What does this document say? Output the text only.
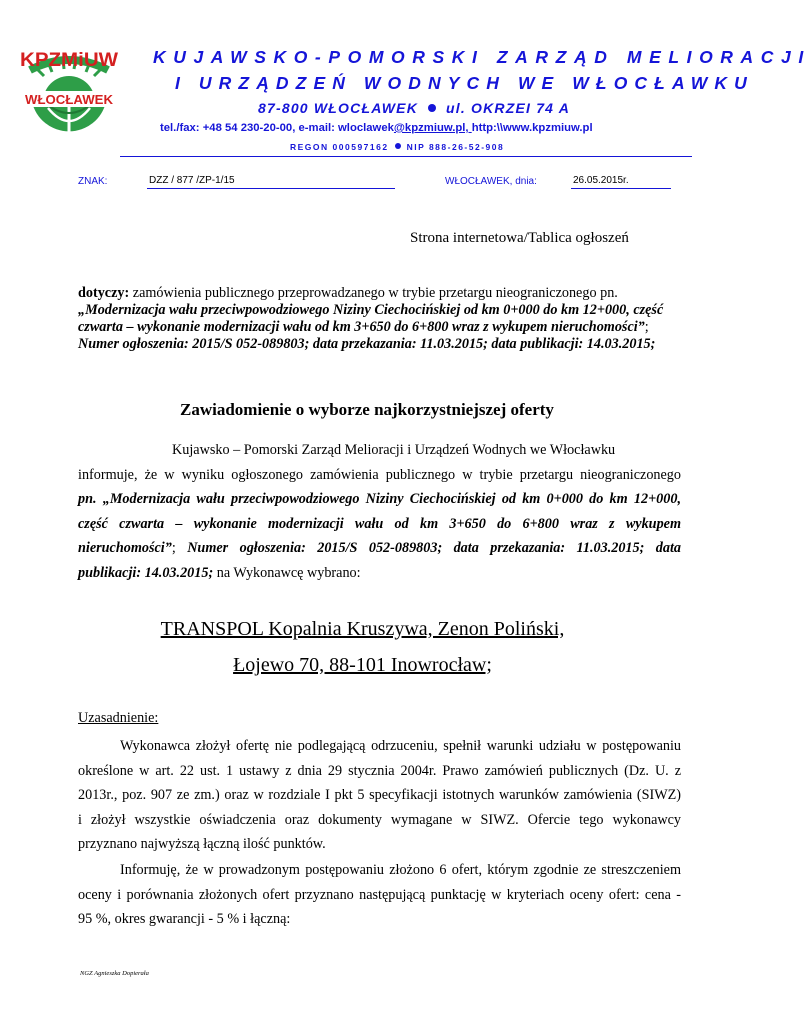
KPZMiUW
WŁOCŁAWEK
KUJAWSKO-POMORSKI ZARZĄD MELIORACJI
I URZĄDZEŃ WODNYCH WE WŁOCŁAWKU
87-800 WŁOCŁAWEK ul. OKRZEI 74 A
tel./fax: +48 54 230-20-00, e-mail: wloclawek@kpzmiuw.pl, http:\\www.kpzmiuw.pl
REGON 000597162 NIP 888-26-52-908
ZNAK:	DZZ / 877 /ZP-1/15	WŁOCŁAWEK, dnia:	26.05.2015r.
Strona internetowa/Tablica ogłoszeń
dotyczy: zamówienia publicznego przeprowadzanego w trybie przetargu nieograniczonego pn.
„Modernizacja wału przeciwpowodziowego Niziny Ciechocińskiej od km 0+000 do km 12+000, część
czwarta – wykonanie modernizacji wału od km 3+650 do 6+800 wraz z wykupem nieruchomości”;
Numer ogłoszenia: 2015/S 052-089803; data przekazania: 11.03.2015; data publikacji: 14.03.2015;
Zawiadomienie o wyborze najkorzystniejszej oferty
Kujawsko – Pomorski Zarząd Melioracji i Urządzeń Wodnych we Włocławku
informuje, że w wyniku ogłoszonego zamówienia publicznego w trybie przetargu nieograniczonego
pn. „Modernizacja wału przeciwpowodziowego Niziny Ciechocińskiej od km 0+000 do km 12+000,
część czwarta – wykonanie modernizacji wału od km 3+650 do 6+800 wraz z wykupem
nieruchomości”; Numer ogłoszenia: 2015/S 052-089803; data przekazania: 11.03.2015; data
publikacji: 14.03.2015; na Wykonawcę wybrano:
TRANSPOL Kopalnia Kruszywa, Zenon Poliński,
Łojewo 70, 88-101 Inowrocław;
Uzasadnienie:
Wykonawca złożył ofertę nie podlegającą odrzuceniu, spełnił warunki udziału w postępowaniu
określone w art. 22 ust. 1 ustawy z dnia 29 stycznia 2004r. Prawo zamówień publicznych (Dz. U. z
2013r., poz. 907 ze zm.) oraz w rozdziale I pkt 5 specyfikacji istotnych warunków zamówienia (SIWZ)
i złożył wszystkie oświadczenia oraz dokumenty wymagane w SIWZ. Ofercie tego wykonawcy
przyznano najwyższą łączną ilość punktów.
Informuję, że w prowadzonym postępowaniu złożono 6 ofert, którym zgodnie ze streszczeniem
oceny i porównania złożonych ofert przyznano następującą punktację w kryteriach oceny ofert: cena -
95 %, okres gwarancji - 5 % i łączną:
NGZ Agnieszka Dopierała
